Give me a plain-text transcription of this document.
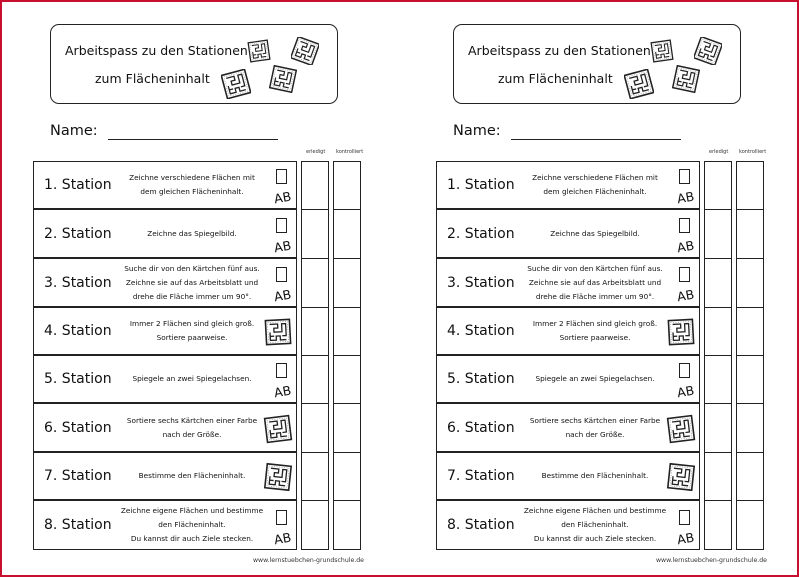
Arbeitspass zu den Stationen
zum Flächeninhalt
Name:
erledigt kontrolliert
1. Station	Zeichne verschiedene Flächen mit
dem gleichen Flächeninhalt.	AB
2. Station	Zeichne das Spiegelbild.
AB
3. Station
Suche dir von den Kärtchen fünf aus.
Zeichne sie auf das Arbeitsblatt und
drehe die Fläche immer um 90°.	AB
4. Station	Immer 2 Flächen sind gleich groß.
Sortiere paarweise.
5. Station	Spiegele an zwei Spiegelachsen.
AB
6. Station	Sortiere sechs Kärtchen einer Farbe
nach der Größe.
7. Station	Bestimme den Flächeninhalt.
8. Station
Zeichne eigene Flächen und bestimme
den Flächeninhalt.
Du kannst dir auch Ziele stecken.	AB
www.lernstuebchen-grundschule.de
Arbeitspass zu den Stationen
zum Flächeninhalt
Name:
erledigt kontrolliert
1. Station	Zeichne verschiedene Flächen mit
dem gleichen Flächeninhalt.	AB
2. Station	Zeichne das Spiegelbild.
AB
3. Station
Suche dir von den Kärtchen fünf aus.
Zeichne sie auf das Arbeitsblatt und
drehe die Fläche immer um 90°.	AB
4. Station	Immer 2 Flächen sind gleich groß.
Sortiere paarweise.
5. Station	Spiegele an zwei Spiegelachsen.
AB
6. Station	Sortiere sechs Kärtchen einer Farbe
nach der Größe.
7. Station	Bestimme den Flächeninhalt.
8. Station
Zeichne eigene Flächen und bestimme
den Flächeninhalt.
Du kannst dir auch Ziele stecken.	AB
www.lernstuebchen-grundschule.de
